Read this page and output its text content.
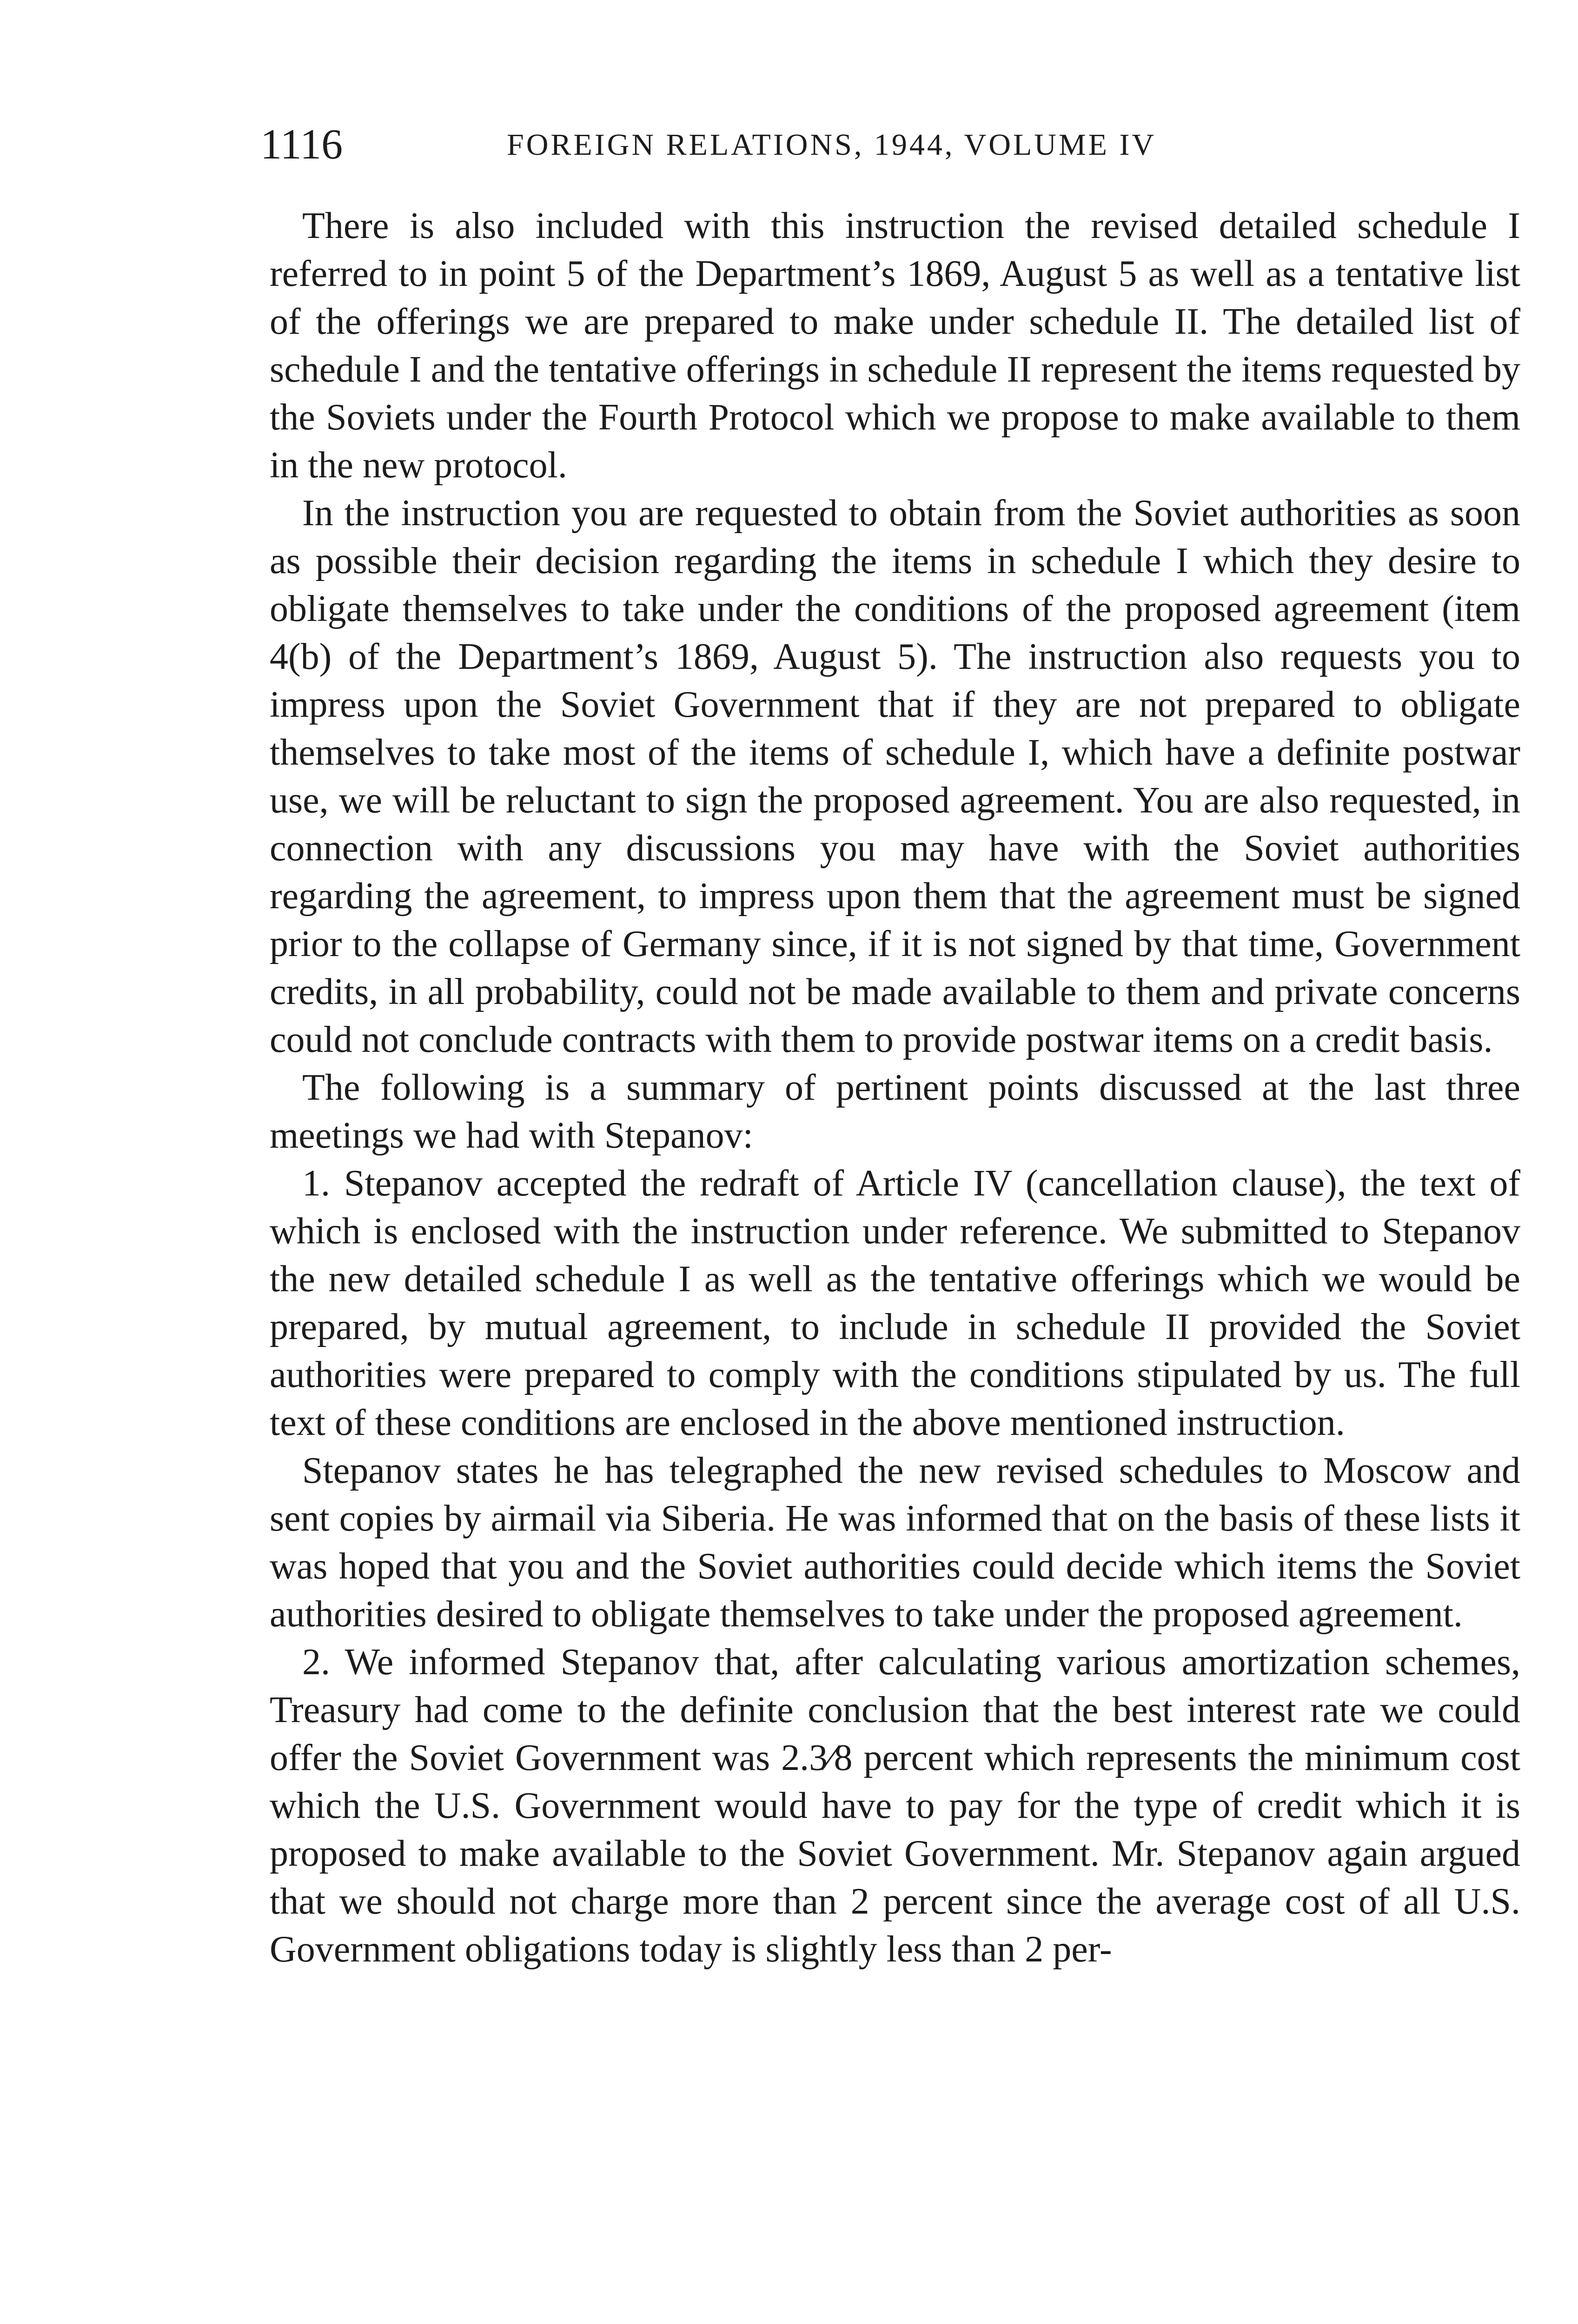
1116	FOREIGN RELATIONS, 1944, VOLUME IV

There is also included with this instruction the revised detailed schedule I referred to in point 5 of the Department’s 1869, August 5 as well as a tentative list of the offerings we are prepared to make under schedule II. The detailed list of schedule I and the tentative offerings in schedule II represent the items requested by the Soviets under the Fourth Protocol which we propose to make available to them in the new protocol.

In the instruction you are requested to obtain from the Soviet authorities as soon as possible their decision regarding the items in schedule I which they desire to obligate themselves to take under the conditions of the proposed agreement (item 4(b) of the Department’s 1869, August 5). The instruction also requests you to impress upon the Soviet Government that if they are not prepared to obligate themselves to take most of the items of schedule I, which have a definite postwar use, we will be reluctant to sign the proposed agreement. You are also requested, in connection with any discussions you may have with the Soviet authorities regarding the agreement, to impress upon them that the agreement must be signed prior to the collapse of Germany since, if it is not signed by that time, Government credits, in all probability, could not be made available to them and private concerns could not conclude contracts with them to provide postwar items on a credit basis.

The following is a summary of pertinent points discussed at the last three meetings we had with Stepanov:

1. Stepanov accepted the redraft of Article IV (cancellation clause), the text of which is enclosed with the instruction under reference. We submitted to Stepanov the new detailed schedule I as well as the tentative offerings which we would be prepared, by mutual agreement, to include in schedule II provided the Soviet authorities were prepared to comply with the conditions stipulated by us. The full text of these conditions are enclosed in the above mentioned instruction.

Stepanov states he has telegraphed the new revised schedules to Moscow and sent copies by airmail via Siberia. He was informed that on the basis of these lists it was hoped that you and the Soviet authorities could decide which items the Soviet authorities desired to obligate themselves to take under the proposed agreement.

2. We informed Stepanov that, after calculating various amortization schemes, Treasury had come to the definite conclusion that the best interest rate we could offer the Soviet Government was 2.3⁄8 percent which represents the minimum cost which the U.S. Government would have to pay for the type of credit which it is proposed to make available to the Soviet Government. Mr. Stepanov again argued that we should not charge more than 2 percent since the average cost of all U.S. Government obligations today is slightly less than 2 per-
